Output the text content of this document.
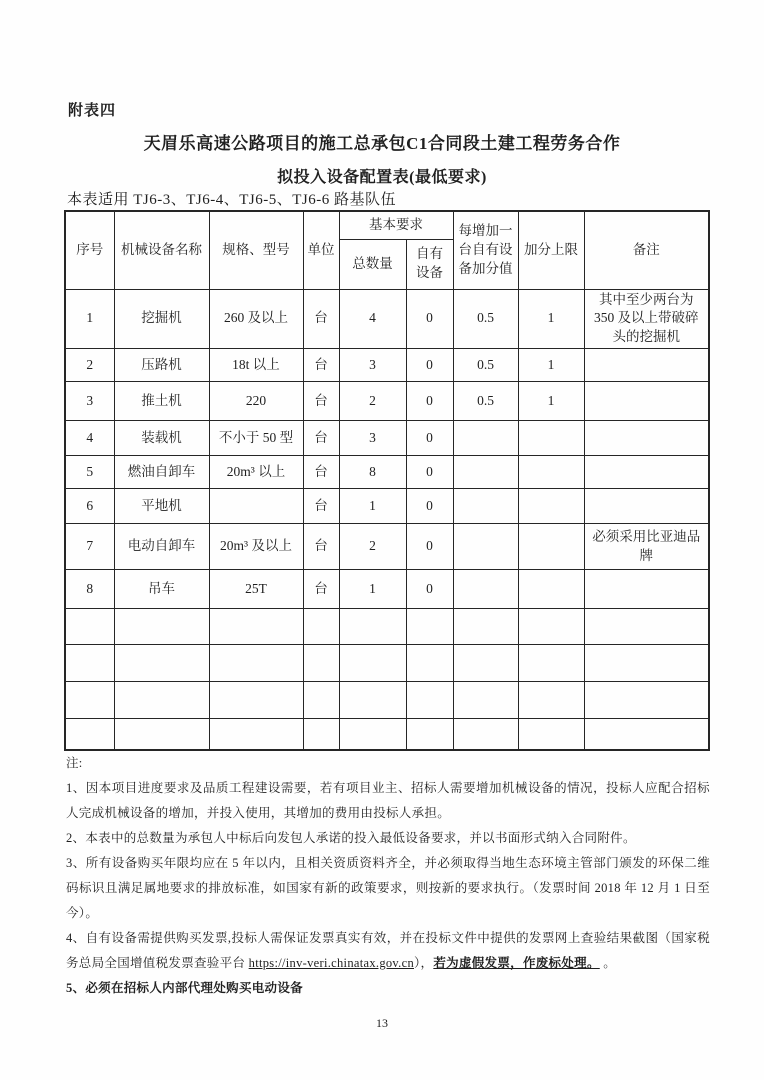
附表四
天眉乐高速公路项目的施工总承包C1合同段土建工程劳务合作
拟投入设备配置表(最低要求)
本表适用 TJ6-3、TJ6-4、TJ6-5、TJ6-6 路基队伍
序号	机械设备名称	规格、型号	单位	基本要求		每增加一台自有设备加分值	加分上限	备注
				总数量	自有设备			
1	挖掘机	260 及以上	台	4	0	0.5	1	其中至少两台为 350 及以上带破碎头的挖掘机
2	压路机	18t 以上	台	3	0	0.5	1	
3	推土机	220	台	2	0	0.5	1	
4	装载机	不小于 50 型	台	3	0			
5	燃油自卸车	20m³ 以上	台	8	0			
6	平地机		台	1	0			
7	电动自卸车	20m³ 及以上	台	2	0			必须采用比亚迪品牌
8	吊车	25T	台	1	0			

注:

1、因本项目进度要求及品质工程建设需要，若有项目业主、招标人需要增加机械设备的情况，投标人应配合招标人完成机械设备的增加，并投入使用，其增加的费用由投标人承担。

2、本表中的总数量为承包人中标后向发包人承诺的投入最低设备要求，并以书面形式纳入合同附件。

3、所有设备购买年限均应在 5 年以内，且相关资质资料齐全，并必须取得当地生态环境主管部门颁发的环保二维码标识且满足属地要求的排放标准，如国家有新的政策要求，则按新的要求执行。（发票时间 2018 年 12 月 1 日至今）。

4、自有设备需提供购买发票,投标人需保证发票真实有效，并在投标文件中提供的发票网上查验结果截图（国家税务总局全国增值税发票查验平台 https://inv-veri.chinatax.gov.cn），若为虚假发票，作废标处理。 。

5、必须在招标人内部代理处购买电动设备

13
